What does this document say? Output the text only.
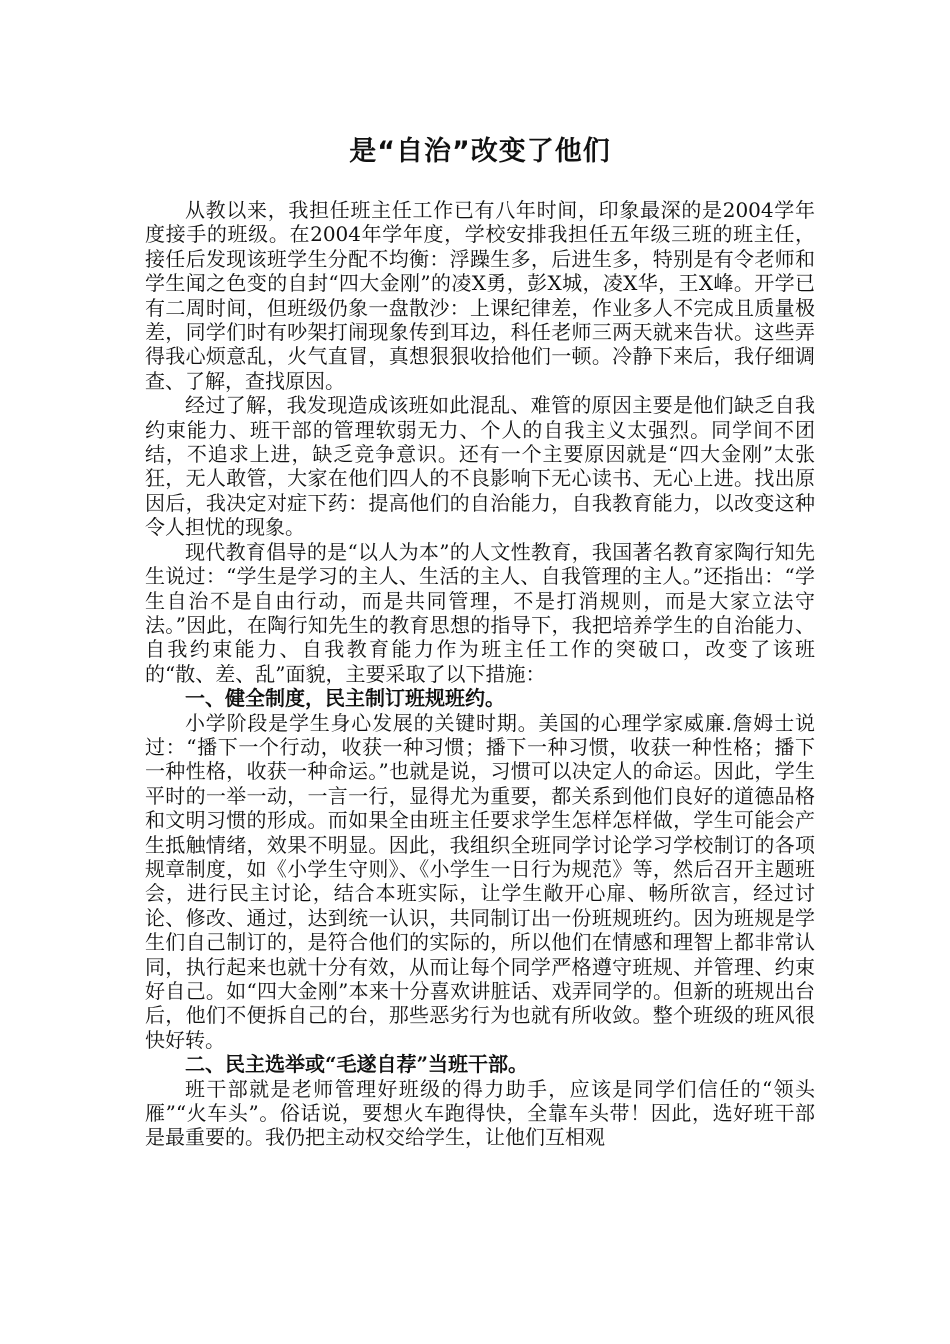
是“自治”改变了他们

从教以来，我担任班主任工作已有八年时间，印象最深的是2004学年度接手的班级。在2004年学年度，学校安排我担任五年级三班的班主任，接任后发现该班学生分配不均衡：浮躁生多，后进生多，特别是有令老师和学生闻之色变的自封“四大金刚”的凌X勇，彭X城，凌X华，王X峰。开学已有二周时间，但班级仍象一盘散沙：上课纪律差，作业多人不完成且质量极差，同学们时有吵架打闹现象传到耳边，科任老师三两天就来告状。这些弄得我心烦意乱，火气直冒，真想狠狠收拾他们一顿。冷静下来后，我仔细调查、了解，查找原因。

经过了解，我发现造成该班如此混乱、难管的原因主要是他们缺乏自我约束能力、班干部的管理软弱无力、个人的自我主义太强烈。同学间不团结，不追求上进，缺乏竞争意识。还有一个主要原因就是“四大金刚”太张狂，无人敢管，大家在他们四人的不良影响下无心读书、无心上进。找出原因后，我决定对症下药：提高他们的自治能力，自我教育能力，以改变这种令人担忧的现象。

现代教育倡导的是“以人为本”的人文性教育，我国著名教育家陶行知先生说过：“学生是学习的主人、生活的主人、自我管理的主人。”还指出：“学生自治不是自由行动，而是共同管理，不是打消规则，而是大家立法守法。”因此，在陶行知先生的教育思想的指导下，我把培养学生的自治能力、自我约束能力、自我教育能力作为班主任工作的突破口，改变了该班的“散、差、乱”面貌，主要采取了以下措施：

一、健全制度，民主制订班规班约。

小学阶段是学生身心发展的关键时期。美国的心理学家威廉.詹姆士说过：“播下一个行动，收获一种习惯；播下一种习惯，收获一种性格；播下一种性格，收获一种命运。”也就是说，习惯可以决定人的命运。因此，学生平时的一举一动，一言一行，显得尤为重要，都关系到他们良好的道德品格和文明习惯的形成。而如果全由班主任要求学生怎样怎样做，学生可能会产生抵触情绪，效果不明显。因此，我组织全班同学讨论学习学校制订的各项规章制度，如《小学生守则》、《小学生一日行为规范》等，然后召开主题班会，进行民主讨论，结合本班实际，让学生敞开心扉、畅所欲言，经过讨论、修改、通过，达到统一认识，共同制订出一份班规班约。因为班规是学生们自己制订的，是符合他们的实际的，所以他们在情感和理智上都非常认同，执行起来也就十分有效，从而让每个同学严格遵守班规、并管理、约束好自己。如“四大金刚”本来十分喜欢讲脏话、戏弄同学的。但新的班规出台后，他们不便拆自己的台，那些恶劣行为也就有所收敛。整个班级的班风很快好转。

二、民主选举或“毛遂自荐”当班干部。

班干部就是老师管理好班级的得力助手，应该是同学们信任的“领头雁”“火车头”。俗话说，要想火车跑得快，全靠车头带！因此，选好班干部是最重要的。我仍把主动权交给学生，让他们互相观
